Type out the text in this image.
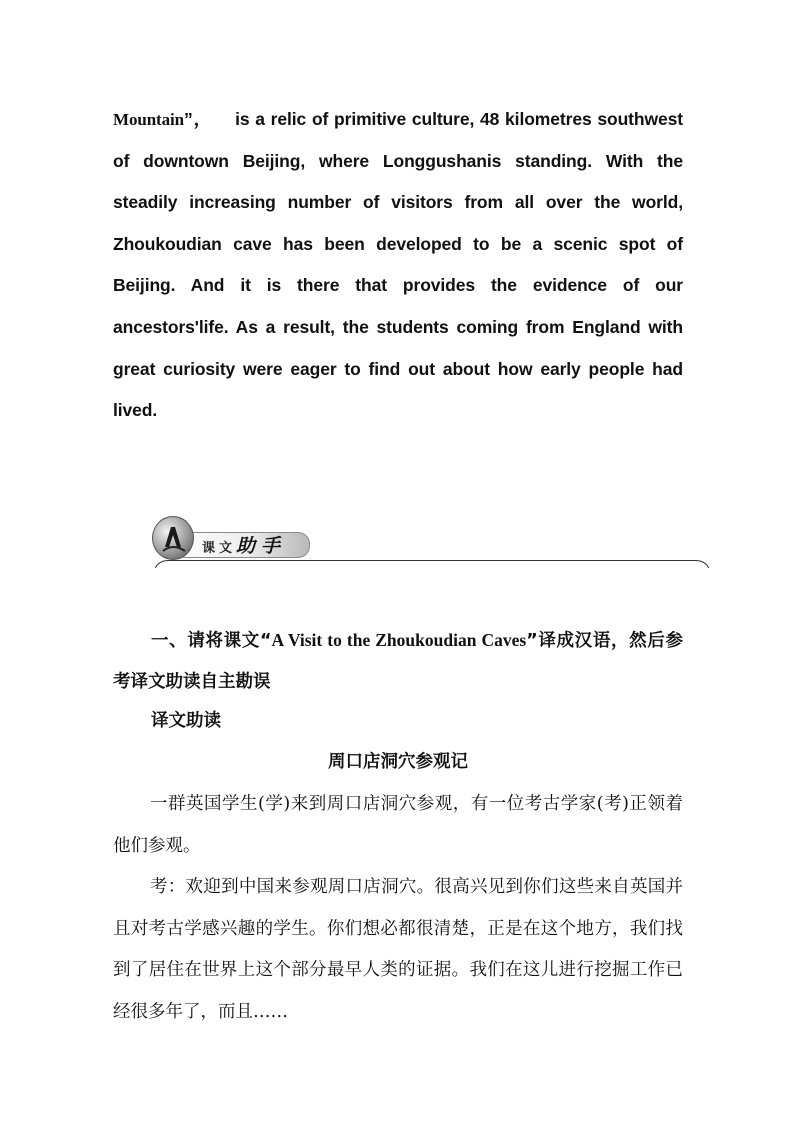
Mountain”，    is a relic of primitive culture, 48 kilometres southwest of downtown Beijing, where Longgushanis standing. With the steadily increasing number of visitors from all over the world, Zhoukoudian cave has been developed to be a scenic spot of Beijing. And it is there that provides the evidence of our ancestors'life. As a result, the students coming from England with great curiosity were eager to find out about how early people had lived.
课文 助手
一、请将课文“A Visit to the Zhoukoudian Caves”译成汉语，然后参考译文助读自主勘误
译文助读
周口店洞穴参观记
一群英国学生(学)来到周口店洞穴参观，有一位考古学家(考)正领着他们参观。
考：欢迎到中国来参观周口店洞穴。很高兴见到你们这些来自英国并且对考古学感兴趣的学生。你们想必都很清楚，正是在这个地方，我们找到了居住在世界上这个部分最早人类的证据。我们在这儿进行挖掘工作已经很多年了，而且……
